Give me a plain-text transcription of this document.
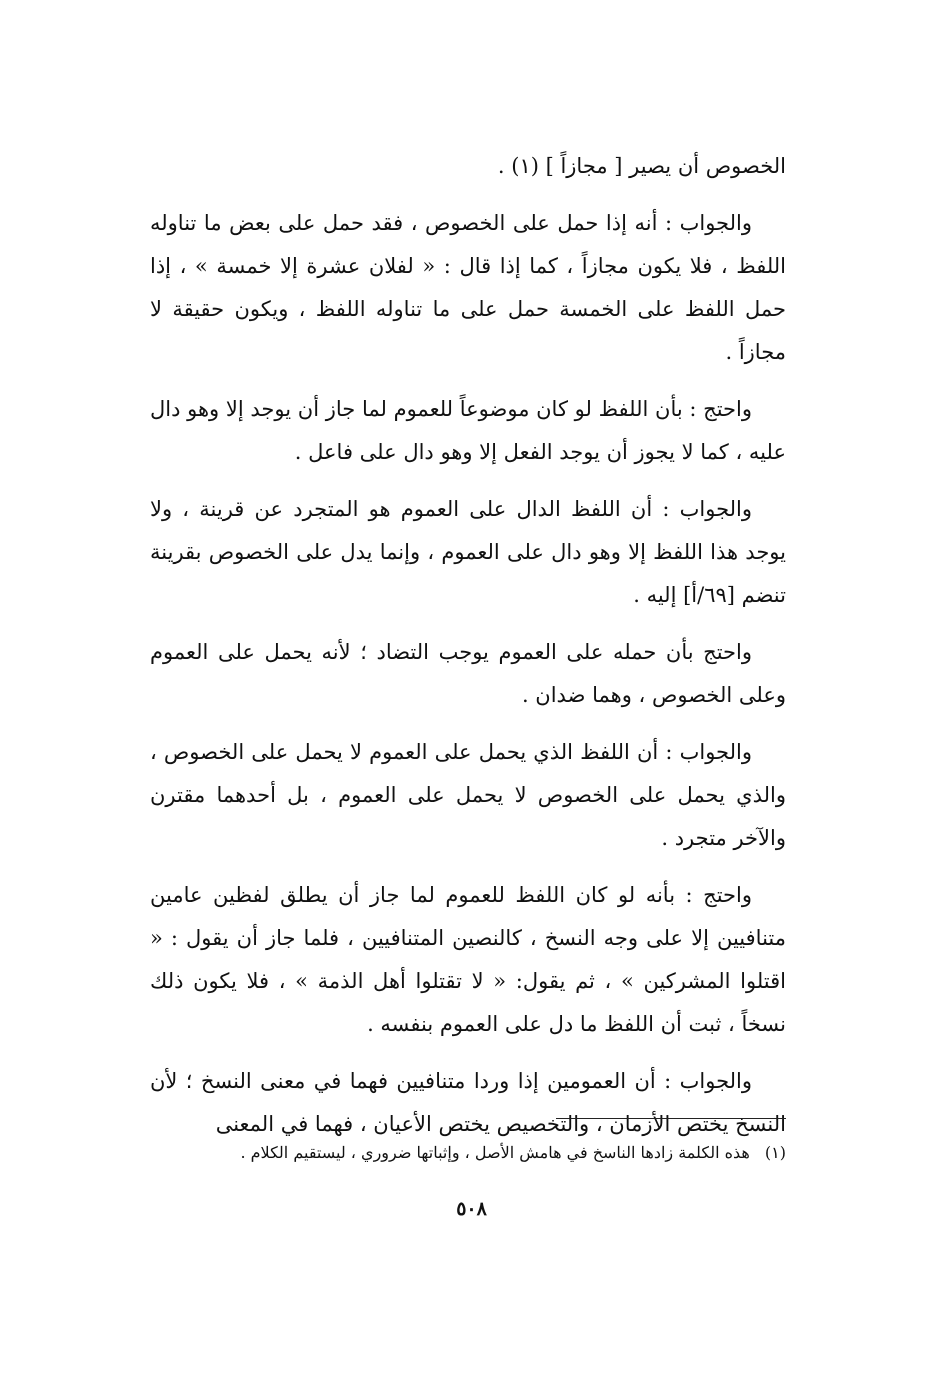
الخصوص أن يصير [ مجازاً ] (١) .

والجواب : أنه إذا حمل على الخصوص ، فقد حمل على بعض ما تناوله اللفظ ، فلا يكون مجازاً ، كما إذا قال : « لفلان عشرة إلا خمسة » ، إذا حمل اللفظ على الخمسة حمل على ما تناوله اللفظ ، ويكون حقيقة لا مجازاً .

واحتج : بأن اللفظ لو كان موضوعاً للعموم لما جاز أن يوجد إلا وهو دال عليه ، كما لا يجوز أن يوجد الفعل إلا وهو دال على فاعل .

والجواب : أن اللفظ الدال على العموم هو المتجرد عن قرينة ، ولا يوجد هذا اللفظ إلا وهو دال على العموم ، وإنما يدل على الخصوص بقرينة تنضم [٦٩/أ] إليه .

واحتج بأن حمله على العموم يوجب التضاد ؛ لأنه يحمل على العموم وعلى الخصوص ، وهما ضدان .

والجواب : أن اللفظ الذي يحمل على العموم لا يحمل على الخصوص ، والذي يحمل على الخصوص لا يحمل على العموم ، بل أحدهما مقترن والآخر متجرد .

واحتج : بأنه لو كان اللفظ للعموم لما جاز أن يطلق لفظين عامين متنافيين إلا على وجه النسخ ، كالنصين المتنافيين ، فلما جاز أن يقول : « اقتلوا المشركين » ، ثم يقول: « لا تقتلوا أهل الذمة » ، فلا يكون ذلك نسخاً ، ثبت أن اللفظ ما دل على العموم بنفسه .

والجواب : أن العمومين إذا وردا متنافيين فهما في معنى النسخ ؛ لأن النسخ يختص الأزمان ، والتخصيص يختص الأعيان ، فهما في المعنى

(١) هذه الكلمة زادها الناسخ في هامش الأصل ، وإثباتها ضروري ، ليستقيم الكلام .
٥٠٨
